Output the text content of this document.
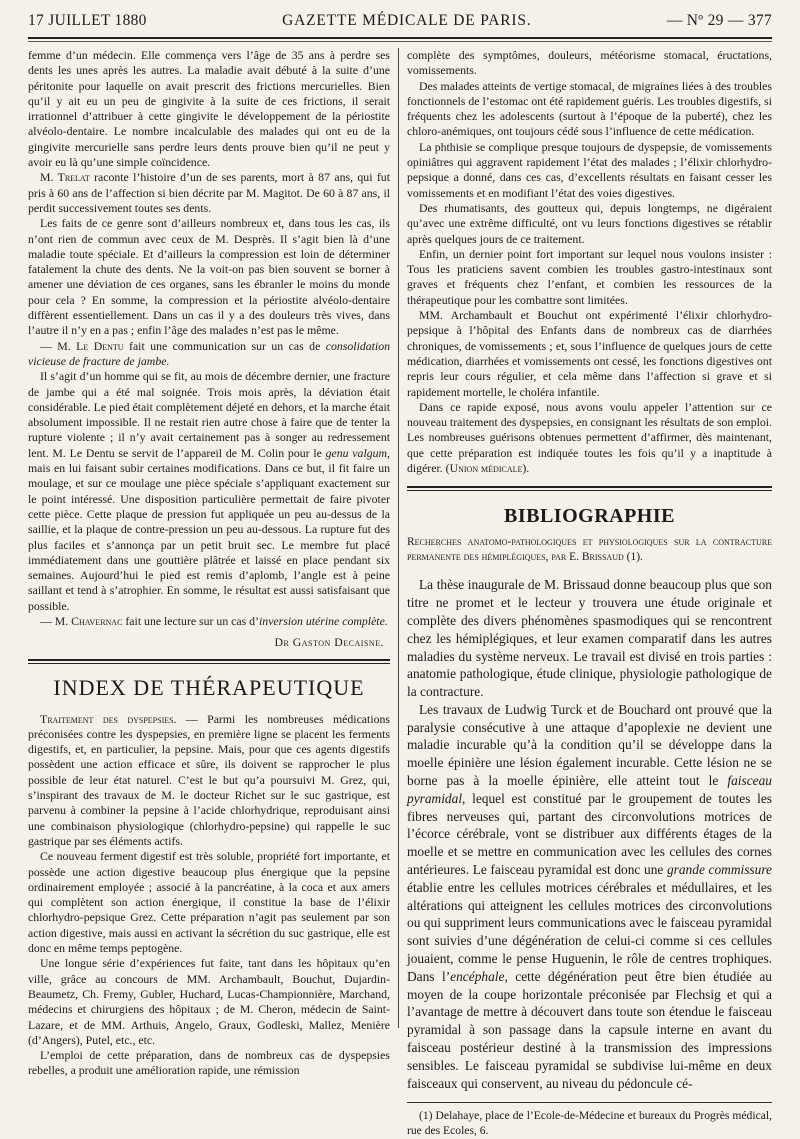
17 JUILLET 1880	GAZETTE MÉDICALE DE PARIS.	— Nº 29 — 377

femme d’un médecin. Elle commença vers l’âge de 35 ans à perdre ses dents les unes après les autres. La maladie avait débuté à la suite d’une péritonite pour laquelle on avait prescrit des frictions mercurielles. Bien qu’il y ait eu un peu de gingivite à la suite de ces frictions, il serait irrationnel d’attribuer à cette gingivite le développement de la périostite alvéolo-dentaire. Le nombre incalculable des malades qui ont eu de la gingivite mercurielle sans perdre leurs dents prouve bien qu’il ne peut y avoir eu là qu’une simple coïncidence.

M. Trelat raconte l’histoire d’un de ses parents, mort à 87 ans, qui fut pris à 60 ans de l’affection si bien décrite par M. Magitot. De 60 à 87 ans, il perdit successivement toutes ses dents.

Les faits de ce genre sont d’ailleurs nombreux et, dans tous les cas, ils n’ont rien de commun avec ceux de M. Desprès. Il s’agit bien là d’une maladie toute spéciale. Et d’ailleurs la compression est loin de déterminer fatalement la chute des dents. Ne la voit-on pas bien souvent se borner à amener une déviation de ces organes, sans les ébranler le moins du monde pour cela ? En somme, la compression et la périostite alvéolo-dentaire diffèrent essentiellement. Dans un cas il y a des douleurs très vives, dans l’autre il n’y en a pas ; enfin l’âge des malades n’est pas le même.

— M. Le Dentu fait une communication sur un cas de consolidation vicieuse de fracture de jambe.

Il s’agit d’un homme qui se fit, au mois de décembre dernier, une fracture de jambe qui a été mal soignée. Trois mois après, la déviation était considérable. Le pied était complètement déjeté en dehors, et la marche était absolument impossible. Il ne restait rien autre chose à faire que de tenter la rupture violente ; il n’y avait certainement pas à songer au redressement lent. M. Le Dentu se servit de l’appareil de M. Colin pour le genu valgum, mais en lui faisant subir certaines modifications. Dans ce but, il fit faire un moulage, et sur ce moulage une pièce spéciale s’appliquant exactement sur le point intéressé. Une disposition particulière permettait de faire pivoter cette pièce. Cette plaque de pression fut appliquée un peu au-dessus de la saillie, et la plaque de contre-pression un peu au-dessous. La rupture fut des plus faciles et s’annonça par un petit bruit sec. Le membre fut placé immédiatement dans une gouttière plâtrée et laissé en place pendant six semaines. Aujourd’hui le pied est remis d’aplomb, l’angle est à peine saillant et tend à s’atrophier. En somme, le résultat est aussi satisfaisant que possible.

— M. Chavernac fait une lecture sur un cas d’inversion utérine complète.

Dr Gaston Decaisne.
INDEX DE THÉRAPEUTIQUE

Traitement des dyspepsies. — Parmi les nombreuses médications préconisées contre les dyspepsies, en première ligne se placent les ferments digestifs, et, en particulier, la pepsine. Mais, pour que ces agents digestifs possèdent une action efficace et sûre, ils doivent se rapprocher le plus possible de leur état naturel. C’est le but qu’a poursuivi M. Grez, qui, s’inspirant des travaux de M. le docteur Richet sur le suc gastrique, est parvenu à combiner la pepsine à l’acide chlorhydrique, reproduisant ainsi une combinaison physiologique (chlorhydro-pepsine) qui rappelle le suc gastrique par ses éléments actifs.

Ce nouveau ferment digestif est très soluble, propriété fort importante, et possède une action digestive beaucoup plus énergique que la pepsine ordinairement employée ; associé à la pancréatine, à la coca et aux amers qui complètent son action énergique, il constitue la base de l’élixir chlorhydro-pepsique Grez. Cette préparation n’agit pas seulement par son action digestive, mais aussi en activant la sécrétion du suc gastrique, elle est donc en même temps peptogène.

Une longue série d’expériences fut faite, tant dans les hôpitaux qu’en ville, grâce au concours de MM. Archambault, Bouchut, Dujardin-Beaumetz, Ch. Fremy, Gubler, Huchard, Lucas-Championnière, Marchand, médecins et chirurgiens des hôpitaux ; de M. Cheron, médecin de Saint-Lazare, et de MM. Arthuis, Angelo, Graux, Godleski, Mallez, Menière (d’Angers), Putel, etc., etc.

L’emploi de cette préparation, dans de nombreux cas de dyspepsies rebelles, a produit une amélioration rapide, une rémission

complète des symptômes, douleurs, météorisme stomacal, éructations, vomissements.

Des malades atteints de vertige stomacal, de migraines liées à des troubles fonctionnels de l’estomac ont été rapidement guéris. Les troubles digestifs, si fréquents chez les adolescents (surtout à l’époque de la puberté), chez les chloro-anémiques, ont toujours cédé sous l’influence de cette médication.

La phthisie se complique presque toujours de dyspepsie, de vomissements opiniâtres qui aggravent rapidement l’état des malades ; l’élixir chlorhydro-pepsique a donné, dans ces cas, d’excellents résultats en faisant cesser les vomissements et en modifiant l’état des voies digestives.

Des rhumatisants, des goutteux qui, depuis longtemps, ne digéraient qu’avec une extrême difficulté, ont vu leurs fonctions digestives se rétablir après quelques jours de ce traitement.

Enfin, un dernier point fort important sur lequel nous voulons insister : Tous les praticiens savent combien les troubles gastro-intestinaux sont graves et fréquents chez l’enfant, et combien les ressources de la thérapeutique pour les combattre sont limitées.

MM. Archambault et Bouchut ont expérimenté l’élixir chlorhydro-pepsique à l’hôpital des Enfants dans de nombreux cas de diarrhées chroniques, de vomissements ; et, sous l’influence de quelques jours de cette médication, diarrhées et vomissements ont cessé, les fonctions digestives ont repris leur cours régulier, et cela même dans l’affection si grave et si rapidement mortelle, le choléra infantile.

Dans ce rapide exposé, nous avons voulu appeler l’attention sur ce nouveau traitement des dyspepsies, en consignant les résultats de son emploi. Les nombreuses guérisons obtenues permettent d’affirmer, dès maintenant, que cette préparation est indiquée toutes les fois qu’il y a inaptitude à digérer. (Union médicale).

BIBLIOGRAPHIE

Recherches anatomo-pathologiques et physiologiques sur la contracture permanente des hémiplégiques, par E. Brissaud (1).

La thèse inaugurale de M. Brissaud donne beaucoup plus que son titre ne promet et le lecteur y trouvera une étude originale et complète des divers phénomènes spasmodiques qui se rencontrent chez les hémiplégiques, et leur examen comparatif dans les autres maladies du système nerveux. Le travail est divisé en trois parties : anatomie pathologique, étude clinique, physiologie pathologique de la contracture.

Les travaux de Ludwig Turck et de Bouchard ont prouvé que la paralysie consécutive à une attaque d’apoplexie ne devient une maladie incurable qu’à la condition qu’il se développe dans la moelle épinière une lésion également incurable. Cette lésion ne se borne pas à la moelle épinière, elle atteint tout le faisceau pyramidal, lequel est constitué par le groupement de toutes les fibres nerveuses qui, partant des circonvolutions motrices de l’écorce cérébrale, vont se distribuer aux différents étages de la moelle et se mettre en communication avec les cellules des cornes antérieures. Le faisceau pyramidal est donc une grande commissure établie entre les cellules motrices cérébrales et médullaires, et les altérations qui atteignent les cellules motrices des circonvolutions ou qui suppriment leurs communications avec le faisceau pyramidal sont suivies d’une dégénération de celui-ci comme si ces cellules jouaient, comme le pense Huguenin, le rôle de centres trophiques. Dans l’encéphale, cette dégénération peut être bien étudiée au moyen de la coupe horizontale préconisée par Flechsig et qui a l’avantage de mettre à découvert dans toute son étendue le faisceau pyramidal à son passage dans la capsule interne en avant du faisceau postérieur destiné à la transmission des impressions sensibles. Le faisceau pyramidal se subdivise lui-même en deux faisceaux qui conservent, au niveau du pédoncule cé-

(1) Delahaye, place de l’Ecole-de-Médecine et bureaux du Progrès médical, rue des Ecoles, 6.
